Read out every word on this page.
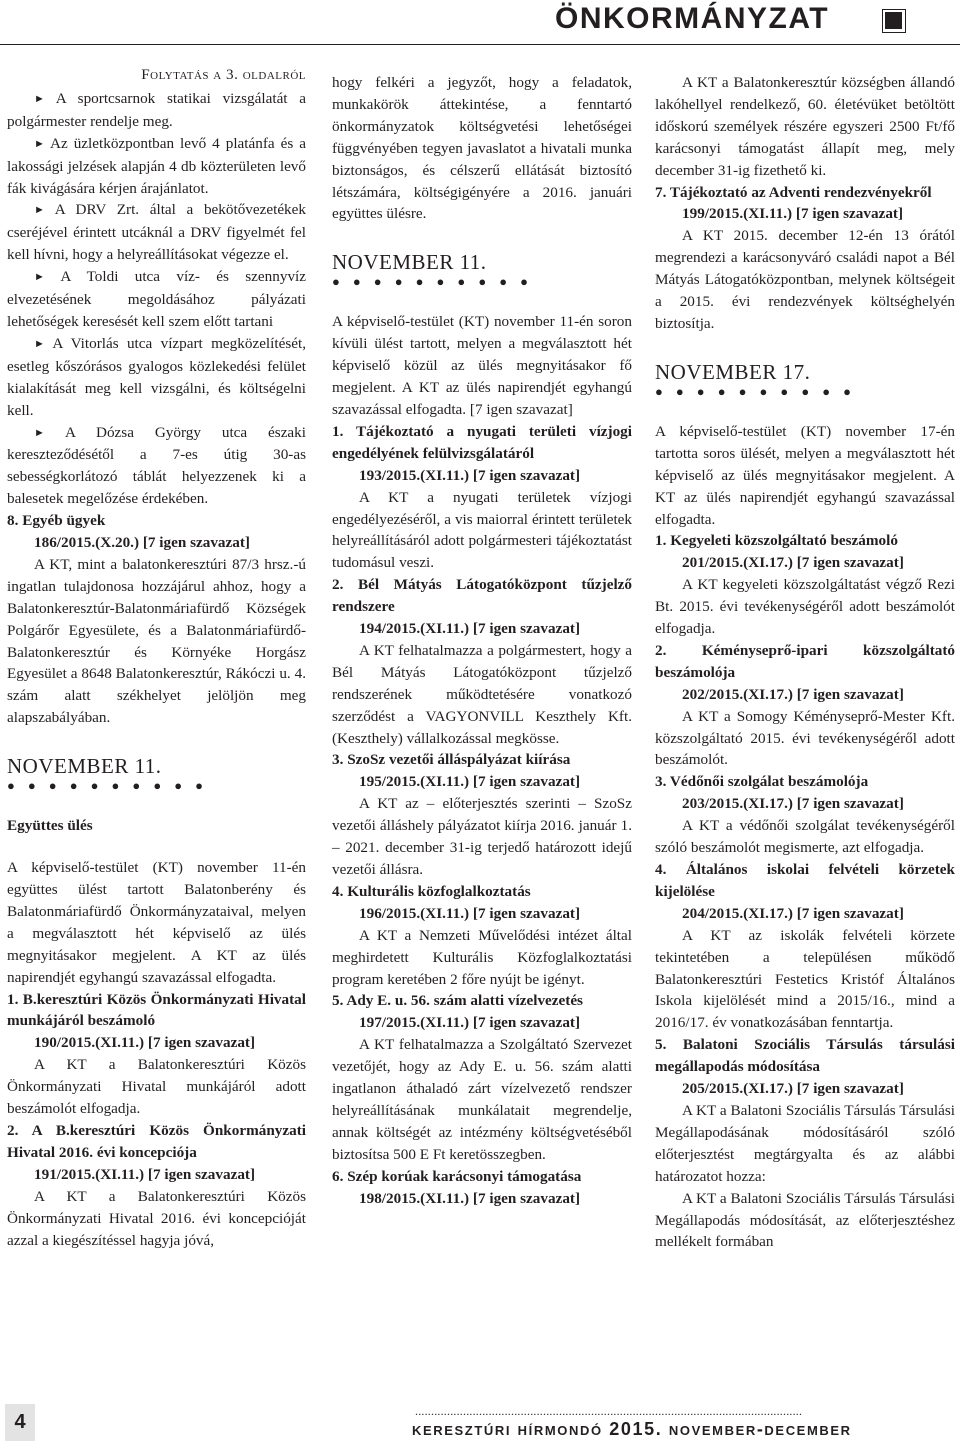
ÖNKORMÁNYZAT

Folytatás a 3. oldalról

► A sportcsarnok statikai vizsgálatát a polgármester rendelje meg.

► Az üzletközpontban levő 4 platánfa és a lakossági jelzések alapján 4 db közterületen levő fák kivágására kérjen árajánlatot.

► A DRV Zrt. által a bekötővezetékek cseréjével érintett utcáknál a DRV figyelmét fel kell hívni, hogy a helyreállításokat végezze el.

► A Toldi utca víz- és szennyvíz elvezetésének megoldásához pályázati lehetőségek keresését kell szem előtt tartani

► A Vitorlás utca vízpart megközelítését, esetleg kőszórásos gyalogos közlekedési felület kialakítását meg kell vizsgálni, és költségelni kell.

► A Dózsa György utca északi kereszteződésétől a 7-es útig 30-as sebességkorlátozó táblát helyezzenek ki a balesetek megelőzése érdekében.

8. Egyéb ügyek

186/2015.(X.20.) [7 igen szavazat]

A KT, mint a balatonkeresztúri 87/3 hrsz.-ú ingatlan tulajdonosa hozzájárul ahhoz, hogy a Balatonkeresztúr-Balatonmáriafürdő Községek Polgárőr Egyesülete, és a Balatonmáriafürdő-Balatonkeresztúr és Környéke Horgász Egyesület a 8648 Balatonkeresztúr, Rákóczi u. 4. szám alatt székhelyet jelöljön meg alapszabályában.

NOVEMBER 11.

● ● ● ● ● ● ● ● ● ●

Együttes ülés

A képviselő-testület (KT) november 11-én együttes ülést tartott Balatonberény és Balatonmáriafürdő Önkormányzataival, melyen a megválasztott hét képviselő az ülés megnyitásakor megjelent. A KT az ülés napirendjét egyhangú szavazással elfogadta.

1. B.keresztúri Közös Önkormányzati Hivatal munkájáról beszámoló

190/2015.(XI.11.) [7 igen szavazat]

A KT a Balatonkeresztúri Közös Önkormányzati Hivatal munkájáról adott beszámolót elfogadja.

2. A B.keresztúri Közös Önkormányzati Hivatal 2016. évi koncepciója

191/2015.(XI.11.) [7 igen szavazat]

A KT a Balatonkeresztúri Közös Önkormányzati Hivatal 2016. évi koncepcióját azzal a kiegészítéssel hagyja jóvá,

hogy felkéri a jegyzőt, hogy a feladatok, munkakörök áttekintése, a fenntartó önkormányzatok költségvetési lehetőségei függvényében tegyen javaslatot a hivatali munka biztonságos, és célszerű ellátását biztosító létszámára, költségigényére a 2016. januári együttes ülésre.

NOVEMBER 11.

● ● ● ● ● ● ● ● ● ●

A képviselő-testület (KT) november 11-én soron kívüli ülést tartott, melyen a megválasztott hét képviselő közül az ülés megnyitásakor fő megjelent. A KT az ülés napirendjét egyhangú szavazással elfogadta. [7 igen szavazat]

1. Tájékoztató a nyugati területi vízjogi engedélyének felülvizsgálatáról

193/2015.(XI.11.) [7 igen szavazat]

A KT a nyugati területek vízjogi engedélyezéséről, a vis maiorral érintett területek helyreállításáról adott polgármesteri tájékoztatást tudomásul veszi.

2. Bél Mátyás Látogatóközpont tűzjelző rendszere

194/2015.(XI.11.) [7 igen szavazat]

A KT felhatalmazza a polgármestert, hogy a Bél Mátyás Látogatóközpont tűzjelző rendszerének működtetésére vonatkozó szerződést a VAGYONVILL Keszthely Kft. (Keszthely) vállalkozással megkösse.

3. SzoSz vezetői álláspályázat kiírása

195/2015.(XI.11.) [7 igen szavazat]

A KT az – előterjesztés szerinti – SzoSz vezetői álláshely pályázatot kiírja 2016. január 1. – 2021. december 31-ig terjedő határozott idejű vezetői állásra.

4. Kulturális közfoglalkoztatás

196/2015.(XI.11.) [7 igen szavazat]

A KT a Nemzeti Művelődési intézet által meghirdetett Kulturális Közfoglalkoztatási program keretében 2 főre nyújt be igényt.

5. Ady E. u. 56. szám alatti vízelvezetés

197/2015.(XI.11.) [7 igen szavazat]

A KT felhatalmazza a Szolgáltató Szervezet vezetőjét, hogy az Ady E. u. 56. szám alatti ingatlanon áthaladó zárt vízelvezető rendszer helyreállításának munkálatait megrendelje, annak költségét az intézmény költségvetéséből biztosítsa 500 E Ft keretösszegben.

6. Szép korúak karácsonyi támogatása

198/2015.(XI.11.) [7 igen szavazat]

A KT a Balatonkeresztúr községben állandó lakóhellyel rendelkező, 60. életévüket betöltött időskorú személyek részére egyszeri 2500 Ft/fő karácsonyi támogatást állapít meg, mely december 31-ig fizethető ki.

7. Tájékoztató az Adventi rendezvényekről

199/2015.(XI.11.) [7 igen szavazat]

A KT 2015. december 12-én 13 órától megrendezi a karácsonyváró családi napot a Bél Mátyás Látogatóközpontban, melynek költségeit a 2015. évi rendezvények költséghelyén biztosítja.

NOVEMBER 17.

● ● ● ● ● ● ● ● ● ●

A képviselő-testület (KT) november 17-én tartotta soros ülését, melyen a megválasztott hét képviselő az ülés megnyitásakor megjelent. A KT az ülés napirendjét egyhangú szavazással elfogadta.

1. Kegyeleti közszolgáltató beszámoló

201/2015.(XI.17.) [7 igen szavazat]

A KT kegyeleti közszolgáltatást végző Rezi Bt. 2015. évi tevékenységéről adott beszámolót elfogadja.

2. Kéményseprő-ipari közszolgáltató beszámolója

202/2015.(XI.17.) [7 igen szavazat]

A KT a Somogy Kéményseprő-Mester Kft. közszolgáltató 2015. évi tevékenységéről adott beszámolót.

3. Védőnői szolgálat beszámolója

203/2015.(XI.17.) [7 igen szavazat]

A KT a védőnői szolgálat tevékenységéről szóló beszámolót megismerte, azt elfogadja.

4. Általános iskolai felvételi körzetek kijelölése

204/2015.(XI.17.) [7 igen szavazat]

A KT az iskolák felvételi körzete tekintetében a településen működő Balatonkeresztúri Festetics Kristóf Általános Iskola kijelölését mind a 2015/16., mind a 2016/17. év vonatkozásában fenntartja.

5. Balatoni Szociális Társulás társulási megállapodás módosítása

205/2015.(XI.17.) [7 igen szavazat]

A KT a Balatoni Szociális Társulás Társulási Megállapodásának módosításáról szóló előterjesztést megtárgyalta és az alábbi határozatot hozza:

A KT a Balatoni Szociális Társulás Társulási Megállapodás módosítását, az előterjesztéshez mellékelt formában

4	.........................................................................................................................
keresztúri hírmondó 2015. november-december
